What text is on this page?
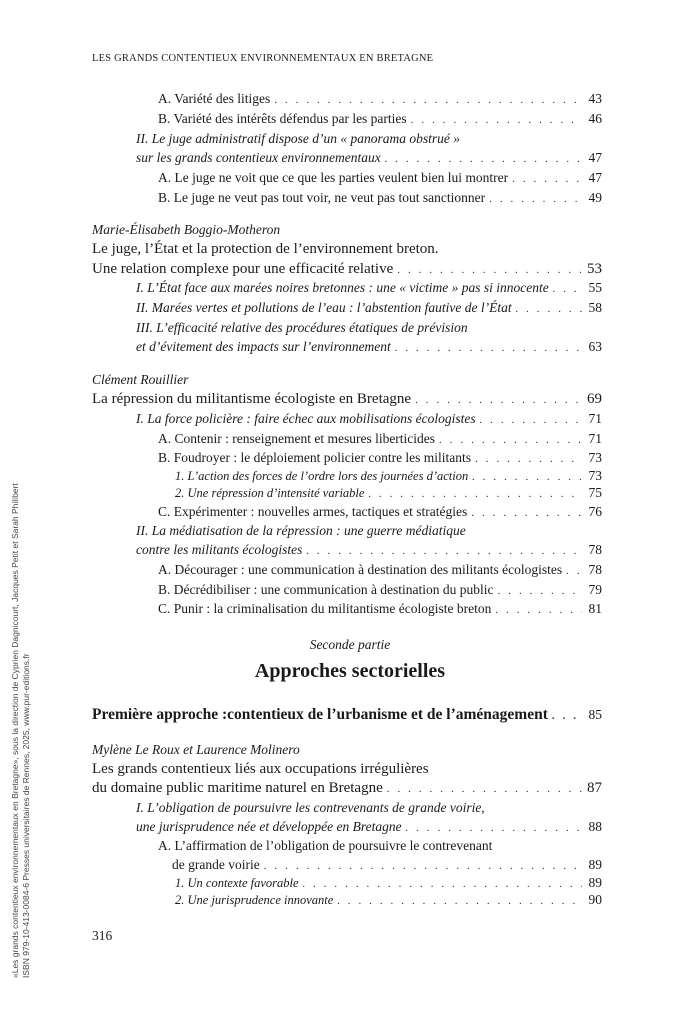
LES GRANDS CONTENTIEUX ENVIRONNEMENTAUX EN BRETAGNE
«Les grands contentieux environnementaux en Bretagne», sous la direction de Cyprien Dagnicourt, Jacques Petit et Sarah Philibert ISBN 979-10-413-0084-6 Presses universitaires de Rennes, 2025, www.pur-editions.fr
A. Variété des litiges . . .	43
B. Variété des intérêts défendus par les parties . . .	46
II. Le juge administratif dispose d’un « panorama obstrué »
sur les grands contentieux environnementaux . . .	47
A. Le juge ne voit que ce que les parties veulent bien lui montrer . . .	47
B. Le juge ne veut pas tout voir, ne veut pas tout sanctionner . . .	49
Marie-Élisabeth Boggio-Motheron
Le juge, l’État et la protection de l’environnement breton.
Une relation complexe pour une efficacité relative . . .	53
I. L’État face aux marées noires bretonnes : une « victime » pas si innocente . . .	55
II. Marées vertes et pollutions de l’eau : l’abstention fautive de l’État . . .	58
III. L’efficacité relative des procédures étatiques de prévision
et d’évitement des impacts sur l’environnement . . .	63
Clément Rouillier
La répression du militantisme écologiste en Bretagne . . .	69
I. La force policière : faire échec aux mobilisations écologistes . . .	71
A. Contenir : renseignement et mesures liberticides . . .	71
B. Foudroyer : le déploiement policier contre les militants . . .	73
1. L’action des forces de l’ordre lors des journées d’action . . .	73
2. Une répression d’intensité variable . . .	75
C. Expérimenter : nouvelles armes, tactiques et stratégies . . .	76
II. La médiatisation de la répression : une guerre médiatique
contre les militants écologistes . . .	78
A. Décourager : une communication à destination des militants écologistes . . . 78
B. Décrédibiliser : une communication à destination du public . . .	79
C. Punir : la criminalisation du militantisme écologiste breton . . .	81
Seconde partie
Approches sectorielles
Première approche :contentieux de l’urbanisme et de l’aménagement . . .	85
Mylène Le Roux et Laurence Molinero
Les grands contentieux liés aux occupations irrégulières
du domaine public maritime naturel en Bretagne . . .	87
I. L’obligation de poursuivre les contrevenants de grande voirie,
une jurisprudence née et développée en Bretagne . . .	88
A. L’affirmation de l’obligation de poursuivre le contrevenant
de grande voirie . . .	89
1. Un contexte favorable . . .	89
2. Une jurisprudence innovante . . .	90
316
